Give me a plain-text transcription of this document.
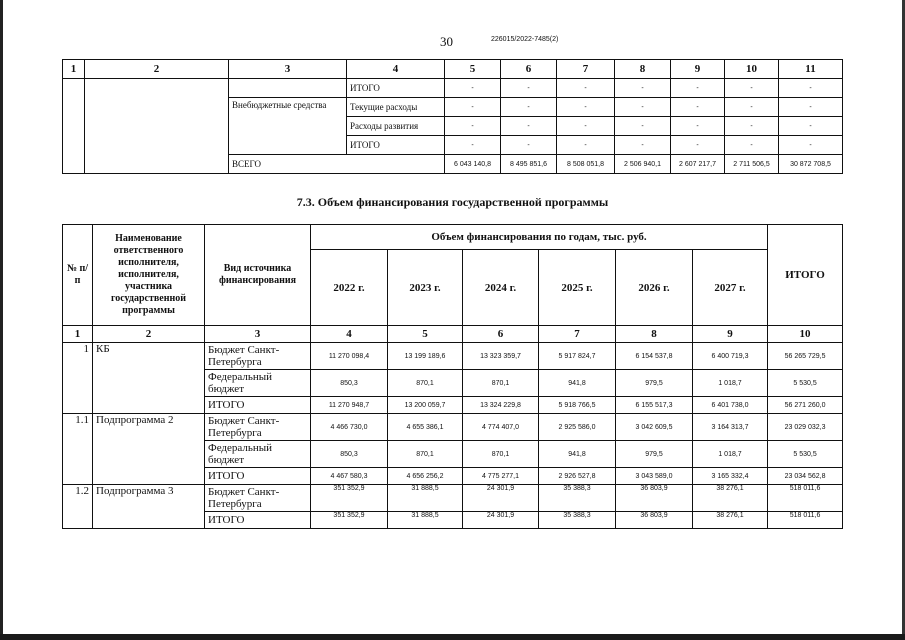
30	226015/2022-7485(2)
1	2	3	4	5	6	7	8	9	10	11
			ИТОГО	-	-	-	-	-	-	-
		Внебюджетные средства	Текущие расходы	-	-	-	-	-	-	-
			Расходы развития	-	-	-	-	-	-	-
			ИТОГО	-	-	-	-	-	-	-
		ВСЕГО		6 043 140,8	8 495 851,6	8 508 051,8	2 506 940,1	2 607 217,7	2 711 506,5	30 872 708,5
7.3. Объем финансирования государственной программы
№ п/п	Наименование ответственного исполнителя, исполнителя, участника государственной программы	Вид источника финансирования	Объем финансирования по годам, тыс. руб.						ИТОГО
			2022 г.	2023 г.	2024 г.	2025 г.	2026 г.	2027 г.	
1	2	3	4	5	6	7	8	9	10
1	КБ	Бюджет Санкт-Петербурга	11 270 098,4	13 199 189,6	13 323 359,7	5 917 824,7	6 154 537,8	6 400 719,3	56 265 729,5
		Федеральный бюджет	850,3	870,1	870,1	941,8	979,5	1 018,7	5 530,5
		ИТОГО	11 270 948,7	13 200 059,7	13 324 229,8	5 918 766,5	6 155 517,3	6 401 738,0	56 271 260,0
1.1	Подпрограмма 2	Бюджет Санкт-Петербурга	4 466 730,0	4 655 386,1	4 774 407,0	2 925 586,0	3 042 609,5	3 164 313,7	23 029 032,3
		Федеральный бюджет	850,3	870,1	870,1	941,8	979,5	1 018,7	5 530,5
		ИТОГО	4 467 580,3	4 656 256,2	4 775 277,1	2 926 527,8	3 043 589,0	3 165 332,4	23 034 562,8
1.2	Подпрограмма 3	Бюджет Санкт-Петербурга	351 352,9	31 888,5	24 301,9	35 388,3	36 803,9	38 276,1	518 011,6
		ИТОГО	351 352,9	31 888,5	24 301,9	35 388,3	36 803,9	38 276,1	518 011,6
